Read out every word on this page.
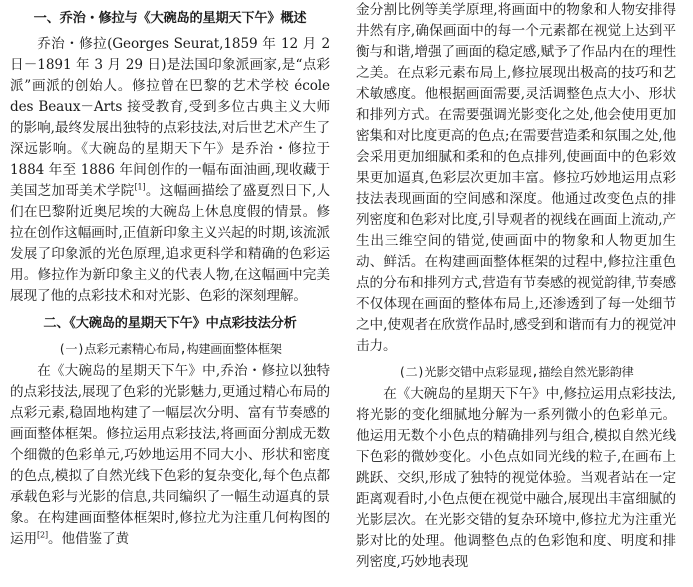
一、乔治・修拉与《大碗岛的星期天下午》概述

乔治・修拉(Georges Seurat,1859 年 12 月 2 日－1891 年 3 月 29 日)是法国印象派画家,是“点彩派”画派的创始人。修拉曾在巴黎的艺术学校 école des Beaux－Arts 接受教育,受到多位古典主义大师的影响,最终发展出独特的点彩技法,对后世艺术产生了深远影响。《大碗岛的星期天下午》是乔治・修拉于 1884 年至 1886 年间创作的一幅布面油画,现收藏于美国芝加哥美术学院[1]。这幅画描绘了盛夏烈日下,人们在巴黎附近奥尼埃的大碗岛上休息度假的情景。修拉在创作这幅画时,正值新印象主义兴起的时期,该流派发展了印象派的光色原理,追求更科学和精确的色彩运用。修拉作为新印象主义的代表人物,在这幅画中完美展现了他的点彩技术和对光影、色彩的深刻理解。

二、《大碗岛的星期天下午》中点彩技法分析
(一)点彩元素精心布局,构建画面整体框架

在《大碗岛的星期天下午》中,乔治・修拉以独特的点彩技法,展现了色彩的光影魅力,更通过精心布局的点彩元素,稳固地构建了一幅层次分明、富有节奏感的画面整体框架。修拉运用点彩技法,将画面分割成无数个细微的色彩单元,巧妙地运用不同大小、形状和密度的色点,模拟了自然光线下色彩的复杂变化,每个色点都承载色彩与光影的信息,共同编织了一幅生动逼真的景象。在构建画面整体框架时,修拉尤为注重几何构图的运用[2]。他借鉴了黄

金分割比例等美学原理,将画面中的物象和人物安排得井然有序,确保画面中的每一个元素都在视觉上达到平衡与和谐,增强了画面的稳定感,赋予了作品内在的理性之美。在点彩元素布局上,修拉展现出极高的技巧和艺术敏感度。他根据画面需要,灵活调整色点大小、形状和排列方式。在需要强调光影变化之处,他会使用更加密集和对比度更高的色点;在需要营造柔和氛围之处,他会采用更加细腻和柔和的色点排列,使画面中的色彩效果更加逼真,色彩层次更加丰富。修拉巧妙地运用点彩技法表现画面的空间感和深度。他通过改变色点的排列密度和色彩对比度,引导观者的视线在画面上流动,产生出三维空间的错觉,使画面中的物象和人物更加生动、鲜活。在构建画面整体框架的过程中,修拉注重色点的分布和排列方式,营造有节奏感的视觉韵律,节奏感不仅体现在画面的整体布局上,还渗透到了每一处细节之中,使观者在欣赏作品时,感受到和谐而有力的视觉冲击力。

(二)光影交错中点彩显现,描绘自然光影韵律

在《大碗岛的星期天下午》中,修拉运用点彩技法,将光影的变化细腻地分解为一系列微小的色彩单元。他运用无数个小色点的精确排列与组合,模拟自然光线下色彩的微妙变化。小色点如同光线的粒子,在画布上跳跃、交织,形成了独特的视觉体验。当观者站在一定距离观看时,小色点便在视觉中融合,展现出丰富细腻的光影层次。在光影交错的复杂环境中,修拉尤为注重光影对比的处理。他调整色点的色彩饱和度、明度和排列密度,巧妙地表现
